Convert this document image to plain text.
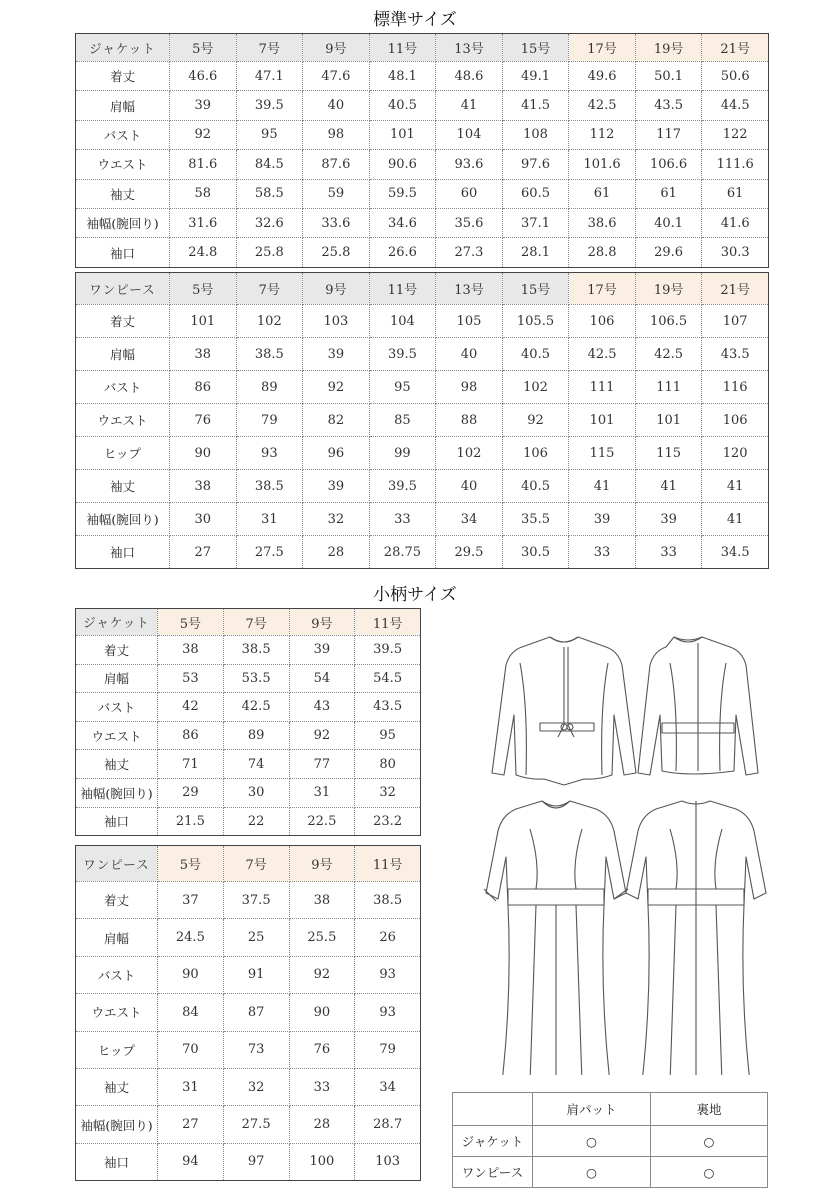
標準サイズ
ジャケット	5号	7号	9号	11号	13号	15号	17号	19号	21号
着丈	46.6	47.1	47.6	48.1	48.6	49.1	49.6	50.1	50.6
肩幅	39	39.5	40	40.5	41	41.5	42.5	43.5	44.5
バスト	92	95	98	101	104	108	112	117	122
ウエスト	81.6	84.5	87.6	90.6	93.6	97.6	101.6	106.6	111.6
袖丈	58	58.5	59	59.5	60	60.5	61	61	61
袖幅(腕回り)	31.6	32.6	33.6	34.6	35.6	37.1	38.6	40.1	41.6
袖口	24.8	25.8	25.8	26.6	27.3	28.1	28.8	29.6	30.3
ワンピース	5号	7号	9号	11号	13号	15号	17号	19号	21号
着丈	101	102	103	104	105	105.5	106	106.5	107
肩幅	38	38.5	39	39.5	40	40.5	42.5	42.5	43.5
バスト	86	89	92	95	98	102	111	111	116
ウエスト	76	79	82	85	88	92	101	101	106
ヒップ	90	93	96	99	102	106	115	115	120
袖丈	38	38.5	39	39.5	40	40.5	41	41	41
袖幅(腕回り)	30	31	32	33	34	35.5	39	39	41
袖口	27	27.5	28	28.75	29.5	30.5	33	33	34.5
小柄サイズ
ジャケット	5号	7号	9号	11号
着丈	38	38.5	39	39.5
肩幅	53	53.5	54	54.5
バスト	42	42.5	43	43.5
ウエスト	86	89	92	95
袖丈	71	74	77	80
袖幅(腕回り)	29	30	31	32
袖口	21.5	22	22.5	23.2
ワンピース	5号	7号	9号	11号
着丈	37	37.5	38	38.5
肩幅	24.5	25	25.5	26
バスト	90	91	92	93
ウエスト	84	87	90	93
ヒップ	70	73	76	79
袖丈	31	32	33	34
袖幅(腕回り)	27	27.5	28	28.7
袖口	94	97	100	103
	肩パット	裏地
ジャケット	○	○
ワンピース	○	○
